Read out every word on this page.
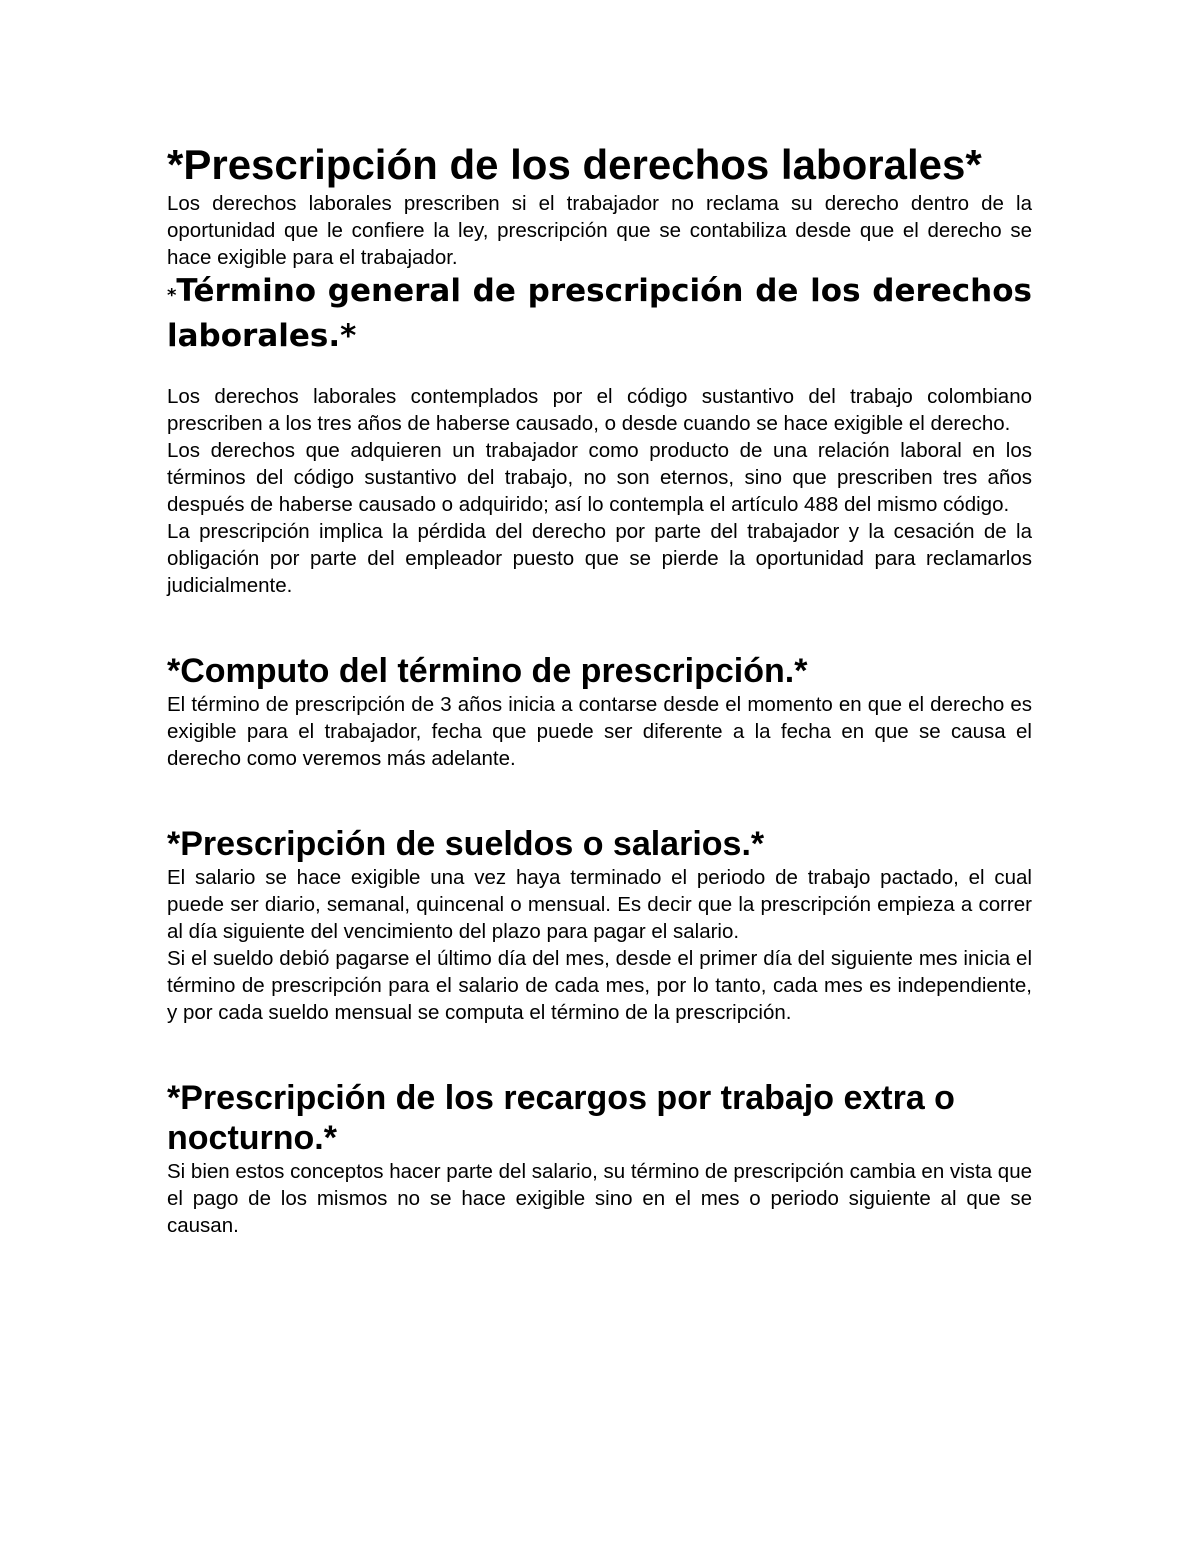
*Prescripción de los derechos laborales*

Los derechos laborales prescriben si el trabajador no reclama su derecho dentro de la oportunidad que le confiere la ley, prescripción que se contabiliza desde que el derecho se hace exigible para el trabajador.

*Término general de prescripción de los derechos laborales.*

Los derechos laborales contemplados por el código sustantivo del trabajo colombiano prescriben a los tres años de haberse causado, o desde cuando se hace exigible el derecho.

Los derechos que adquieren un trabajador como producto de una relación laboral en los términos del código sustantivo del trabajo, no son eternos, sino que prescriben tres años después de haberse causado o adquirido; así lo contempla el artículo 488 del mismo código.

La prescripción implica la pérdida del derecho por parte del trabajador y la cesación de la obligación por parte del empleador puesto que se pierde la oportunidad para reclamarlos judicialmente.

*Computo del término de prescripción.*

El término de prescripción de 3 años inicia a contarse desde el momento en que el derecho es exigible para el trabajador, fecha que puede ser diferente a la fecha en que se causa el derecho como veremos más adelante.

*Prescripción de sueldos o salarios.*

El salario se hace exigible una vez haya terminado el periodo de trabajo pactado, el cual puede ser diario, semanal, quincenal o mensual. Es decir que la prescripción empieza a correr al día siguiente del vencimiento del plazo para pagar el salario.

Si el sueldo debió pagarse el último día del mes, desde el primer día del siguiente mes inicia el término de prescripción para el salario de cada mes, por lo tanto, cada mes es independiente, y por cada sueldo mensual se computa el término de la prescripción.

*Prescripción de los recargos por trabajo extra o nocturno.*

Si bien estos conceptos hacer parte del salario, su término de prescripción cambia en vista que el pago de los mismos no se hace exigible sino en el mes o periodo siguiente al que se causan.
